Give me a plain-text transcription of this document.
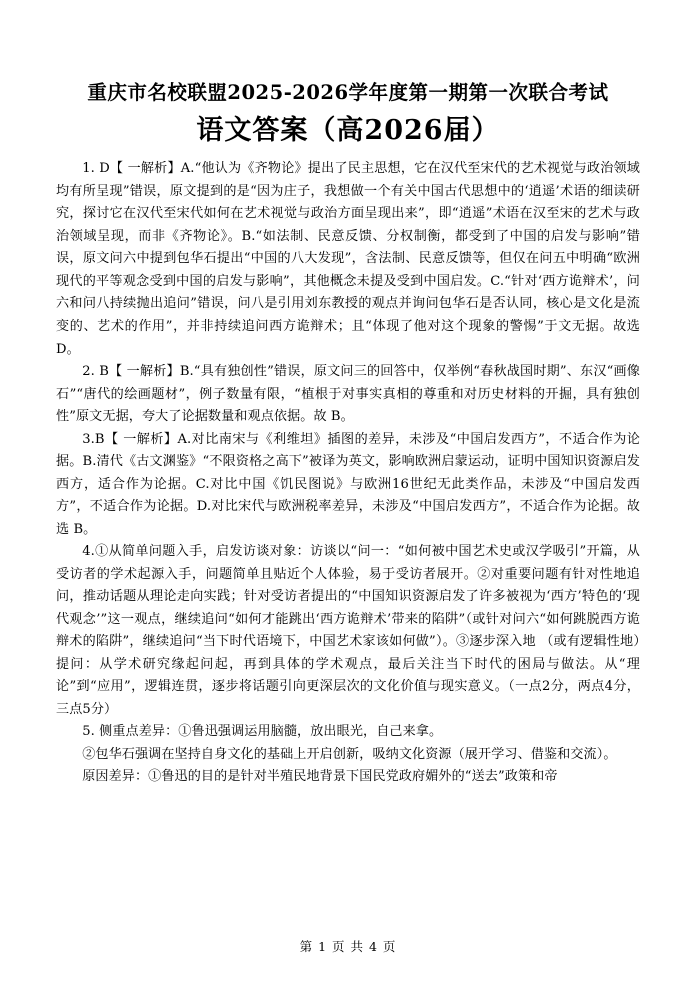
重庆市名校联盟2025-2026学年度第一期第一次联合考试
语文答案（高2026届）

1. D【 一解析】A.“他认为《齐物论》提出了民主思想，它在汉代至宋代的艺术视觉与政治领域均有所呈现”错误，原文提到的是“因为庄子，我想做一个有关中国古代思想中的‘逍遥’术语的细读研究，探讨它在汉代至宋代如何在艺术视觉与政治方面呈现出来”，即“逍遥”术语在汉至宋的艺术与政治领域呈现，而非《齐物论》。B.“如法制、民意反馈、分权制衡，都受到了中国的启发与影响”错误，原文问六中提到包华石提出“中国的八大发现”，含法制、民意反馈等，但仅在问五中明确“欧洲现代的平等观念受到中国的启发与影响”，其他概念未提及受到中国启发。C.“针对‘西方诡辩术’，问六和问八持续抛出追问”错误，问八是引用刘东教授的观点并询问包华石是否认同，核心是文化是流变的、艺术的作用”，并非持续追问西方诡辩术；且“体现了他对这个现象的警惕”于文无据。故选 D。

2. B【 一解析】B.“具有独创性”错误，原文问三的回答中，仅举例“春秋战国时期”、东汉“画像石”“唐代的绘画题材”，例子数量有限，“植根于对事实真相的尊重和对历史材料的开掘，具有独创性”原文无据，夸大了论据数量和观点依据。故 B。

3.B【 一解析】A.对比南宋与《利维坦》插图的差异，未涉及“中国启发西方”，不适合作为论据。B.清代《古文渊鉴》“不限资格之高下”被译为英文，影响欧洲启蒙运动，证明中国知识资源启发西方，适合作为论据。C.对比中国《饥民图说》与欧洲16世纪无此类作品，未涉及“中国启发西方”，不适合作为论据。D.对比宋代与欧洲税率差异，未涉及“中国启发西方”，不适合作为论据。故选 B。

4.①从简单问题入手，启发访谈对象：访谈以“问一：“如何被中国艺术史或汉学吸引”开篇，从受访者的学术起源入手，问题简单且贴近个人体验，易于受访者展开。②对重要问题有针对性地追问，推动话题从理论走向实践；针对受访者提出的“中国知识资源启发了许多被视为‘西方’特色的‘现代观念’”这一观点，继续追问“如何才能跳出‘西方诡辩术’带来的陷阱”（或针对问六“如何跳脱西方诡辩术的陷阱”，继续追问“当下时代语境下，中国艺术家该如何做”）。③逐步深入地 （或有逻辑性地）提问：从学术研究缘起问起，再到具体的学术观点，最后关注当下时代的困局与做法。从“理论”到“应用”，逻辑连贯，逐步将话题引向更深层次的文化价值与现实意义。（一点2分，两点4分，三点5分）

5. 侧重点差异：①鲁迅强调运用脑髓，放出眼光，自己来拿。

②包华石强调在坚持自身文化的基础上开启创新，吸纳文化资源（展开学习、借鉴和交流）。

原因差异：①鲁迅的目的是针对半殖民地背景下国民党政府媚外的“送去”政策和帝

第 1 页 共 4 页
